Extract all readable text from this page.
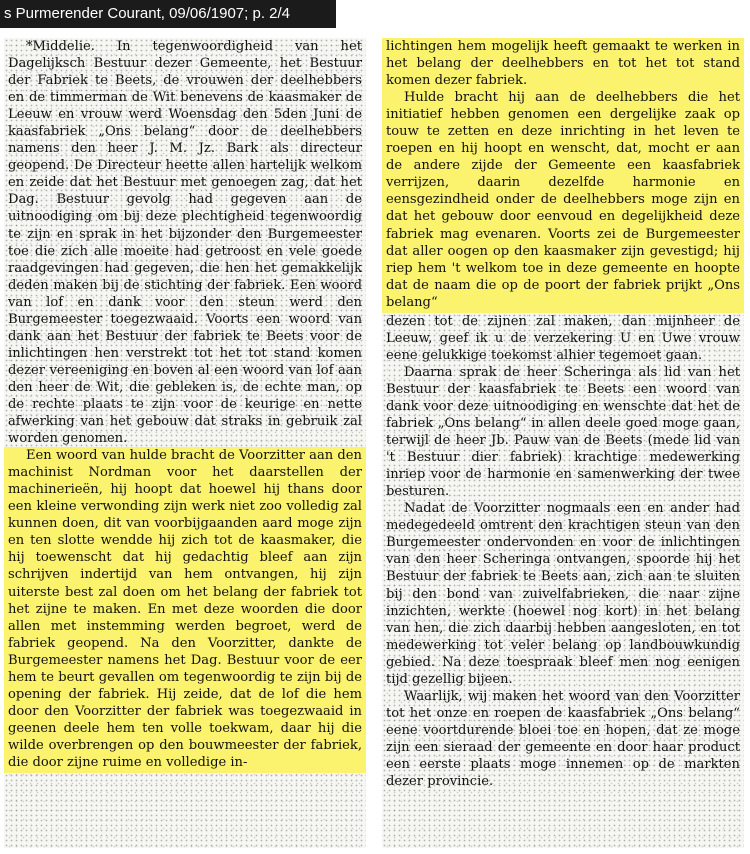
s Purmerender Courant, 09/06/1907; p. 2/4

*Middelie. In tegenwoordigheid van het Dagelijksch Bestuur dezer Gemeente, het Bestuur der Fabriek te Beets, de vrouwen der deelhebbers en de timmerman de Wit benevens de kaasmaker de Leeuw en vrouw werd Woensdag den 5den Juni de kaasfabriek „Ons belang“ door de deelhebbers namens den heer J. M. Jz. Bark als directeur geopend. De Directeur heette allen hartelijk welkom en zeide dat het Bestuur met genoegen zag, dat het Dag. Bestuur gevolg had gegeven aan de uitnoodiging om bij deze plechtigheid tegenwoordig te zijn en sprak in het bijzonder den Burgemeester toe die zich alle moeite had getroost en vele goede raadgevingen had gegeven, die hen het gemakkelijk deden maken bij de stichting der fabriek. Een woord van lof en dank voor den steun werd den Burgemeester toegezwaaid. Voorts een woord van dank aan het Bestuur der fabriek te Beets voor de inlichtingen hen verstrekt tot het tot stand komen dezer vereeniging en boven al een woord van lof aan den heer de Wit, die gebleken is, de echte man, op de rechte plaats te zijn voor de keurige en nette afwerking van het gebouw dat straks in gebruik zal worden genomen.

Een woord van hulde bracht de Voorzitter aan den machinist Nordman voor het daarstellen der machinerieën, hij hoopt dat hoewel hij thans door een kleine verwonding zijn werk niet zoo volledig zal kunnen doen, dit van voorbijgaanden aard moge zijn en ten slotte wendde hij zich tot de kaasmaker, die hij toewenscht dat hij gedachtig bleef aan zijn schrijven indertijd van hem ontvangen, hij zijn uiterste best zal doen om het belang der fabriek tot het zijne te maken. En met deze woorden die door allen met instemming werden begroet, werd de fabriek geopend. Na den Voorzitter, dankte de Burgemeester namens het Dag. Bestuur voor de eer hem te beurt gevallen om tegenwoordig te zijn bij de opening der fabriek. Hij zeide, dat de lof die hem door den Voorzitter der fabriek was toegezwaaid in geenen deele hem ten volle toekwam, daar hij die wilde overbrengen op den bouwmeester der fabriek, die door zijne ruime en volledige in-

lichtingen hem mogelijk heeft gemaakt te werken in het belang der deelhebbers en tot het tot stand komen dezer fabriek.

Hulde bracht hij aan de deelhebbers die het initiatief hebben genomen een dergelijke zaak op touw te zetten en deze inrichting in het leven te roepen en hij hoopt en wenscht, dat, mocht er aan de andere zijde der Gemeente een kaasfabriek verrijzen, daarin dezelfde harmonie en eensgezindheid onder de deelhebbers moge zijn en dat het gebouw door eenvoud en degelijkheid deze fabriek mag evenaren. Voorts zei de Burgemeester dat aller oogen op den kaasmaker zijn gevestigd; hij riep hem 't welkom toe in deze gemeente en hoopte dat de naam die op de poort der fabriek prijkt „Ons belang“

dezen tot de zijnen zal maken, dan mijnheer de Leeuw, geef ik u de verzekering U en Uwe vrouw eene gelukkige toekomst alhier tegemoet gaan.

Daarna sprak de heer Scheringa als lid van het Bestuur der kaasfabriek te Beets een woord van dank voor deze uitnoodiging en wenschte dat het de fabriek „Ons belang“ in allen deele goed moge gaan, terwijl de heer Jb. Pauw van de Beets (mede lid van 't Bestuur dier fabriek) krachtige medewerking inriep voor de harmonie en samenwerking der twee besturen.

Nadat de Voorzitter nogmaals een en ander had medegedeeld omtrent den krachtigen steun van den Burgemeester ondervonden en voor de inlichtingen van den heer Scheringa ontvangen, spoorde hij het Bestuur der fabriek te Beets aan, zich aan te sluiten bij den bond van zuivelfabrieken, die naar zijne inzichten, werkte (hoewel nog kort) in het belang van hen, die zich daarbij hebben aangesloten, en tot medewerking tot veler belang op landbouwkundig gebied. Na deze toespraak bleef men nog eenigen tijd gezellig bijeen.

Waarlijk, wij maken het woord van den Voorzitter tot het onze en roepen de kaasfabriek „Ons belang“ eene voortdurende bloei toe en hopen, dat ze moge zijn een sieraad der gemeente en door haar product een eerste plaats moge innemen op de markten dezer provincie.
